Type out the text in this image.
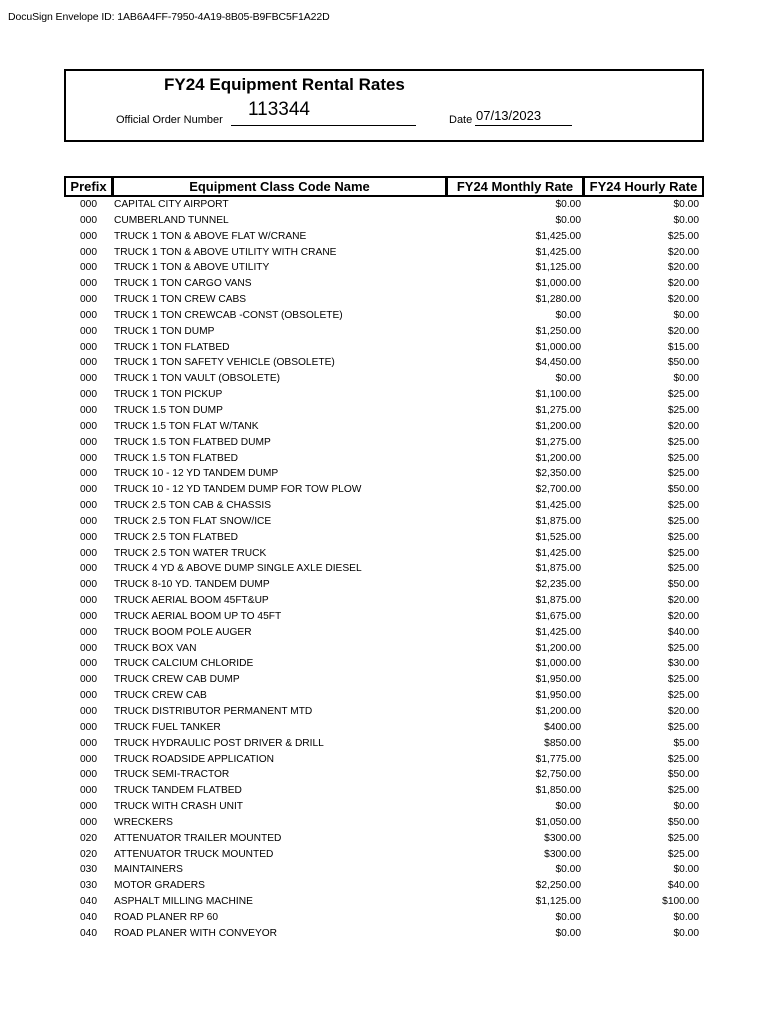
DocuSign Envelope ID: 1AB6A4FF-7950-4A19-8B05-B9FBC5F1A22D
FY24 Equipment Rental Rates
Official Order Number 113344	Date 07/13/2023
Prefix	Equipment Class Code Name	FY24 Monthly Rate	FY24 Hourly Rate
000	CAPITAL CITY AIRPORT	$0.00	$0.00
000	CUMBERLAND TUNNEL	$0.00	$0.00
000	TRUCK 1 TON & ABOVE FLAT W/CRANE	$1,425.00	$25.00
000	TRUCK 1 TON & ABOVE UTILITY WITH CRANE	$1,425.00	$20.00
000	TRUCK 1 TON & ABOVE UTILITY	$1,125.00	$20.00
000	TRUCK 1 TON CARGO VANS	$1,000.00	$20.00
000	TRUCK 1 TON CREW CABS	$1,280.00	$20.00
000	TRUCK 1 TON CREWCAB -CONST (OBSOLETE)	$0.00	$0.00
000	TRUCK 1 TON DUMP	$1,250.00	$20.00
000	TRUCK 1 TON FLATBED	$1,000.00	$15.00
000	TRUCK 1 TON SAFETY VEHICLE (OBSOLETE)	$4,450.00	$50.00
000	TRUCK 1 TON VAULT (OBSOLETE)	$0.00	$0.00
000	TRUCK 1 TON PICKUP	$1,100.00	$25.00
000	TRUCK 1.5 TON DUMP	$1,275.00	$25.00
000	TRUCK 1.5 TON FLAT W/TANK	$1,200.00	$20.00
000	TRUCK 1.5 TON FLATBED DUMP	$1,275.00	$25.00
000	TRUCK 1.5 TON FLATBED	$1,200.00	$25.00
000	TRUCK 10 - 12 YD TANDEM DUMP	$2,350.00	$25.00
000	TRUCK 10 - 12 YD TANDEM DUMP FOR TOW PLOW	$2,700.00	$50.00
000	TRUCK 2.5 TON CAB & CHASSIS	$1,425.00	$25.00
000	TRUCK 2.5 TON FLAT SNOW/ICE	$1,875.00	$25.00
000	TRUCK 2.5 TON FLATBED	$1,525.00	$25.00
000	TRUCK 2.5 TON WATER TRUCK	$1,425.00	$25.00
000	TRUCK 4 YD & ABOVE DUMP SINGLE AXLE DIESEL	$1,875.00	$25.00
000	TRUCK 8-10 YD. TANDEM DUMP	$2,235.00	$50.00
000	TRUCK AERIAL BOOM 45FT&UP	$1,875.00	$20.00
000	TRUCK AERIAL BOOM UP TO 45FT	$1,675.00	$20.00
000	TRUCK BOOM POLE AUGER	$1,425.00	$40.00
000	TRUCK BOX VAN	$1,200.00	$25.00
000	TRUCK CALCIUM CHLORIDE	$1,000.00	$30.00
000	TRUCK CREW CAB DUMP	$1,950.00	$25.00
000	TRUCK CREW CAB	$1,950.00	$25.00
000	TRUCK DISTRIBUTOR PERMANENT MTD	$1,200.00	$20.00
000	TRUCK FUEL TANKER	$400.00	$25.00
000	TRUCK HYDRAULIC POST DRIVER & DRILL	$850.00	$5.00
000	TRUCK ROADSIDE APPLICATION	$1,775.00	$25.00
000	TRUCK SEMI-TRACTOR	$2,750.00	$50.00
000	TRUCK TANDEM FLATBED	$1,850.00	$25.00
000	TRUCK WITH CRASH UNIT	$0.00	$0.00
000	WRECKERS	$1,050.00	$50.00
020	ATTENUATOR TRAILER MOUNTED	$300.00	$25.00
020	ATTENUATOR TRUCK MOUNTED	$300.00	$25.00
030	MAINTAINERS	$0.00	$0.00
030	MOTOR GRADERS	$2,250.00	$40.00
040	ASPHALT MILLING MACHINE	$1,125.00	$100.00
040	ROAD PLANER RP 60	$0.00	$0.00
040	ROAD PLANER WITH CONVEYOR	$0.00	$0.00
